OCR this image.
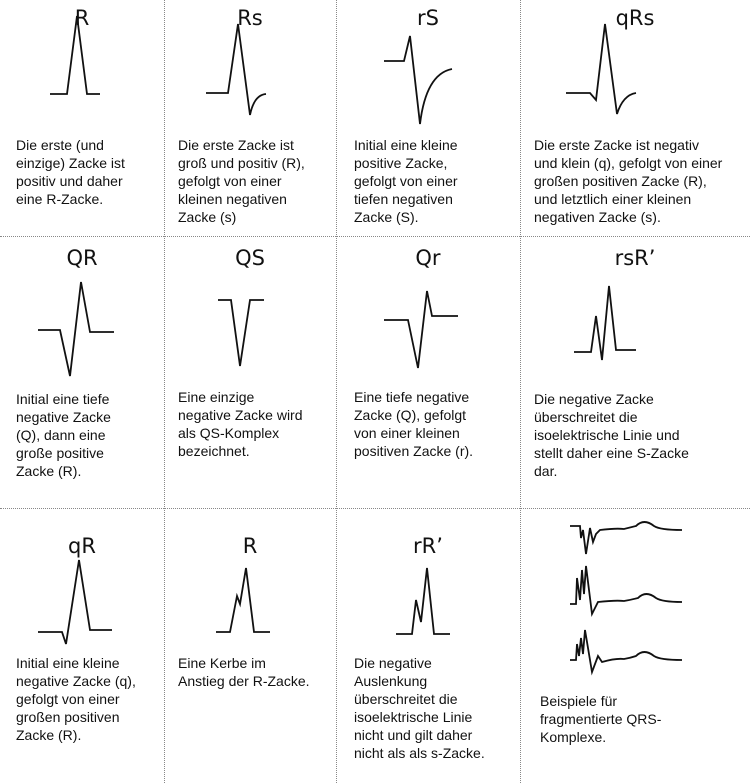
R
Die erste (und
einzige) Zacke ist
positiv und daher
eine R-Zacke.
Rs
Die erste Zacke ist
groß und positiv (R),
gefolgt von einer
kleinen negativen
Zacke (s)
rS
Initial eine kleine
positive Zacke,
gefolgt von einer
tiefen negativen
Zacke (S).
qRs
Die erste Zacke ist negativ
und klein (q), gefolgt von einer
großen positiven Zacke (R),
und letztlich einer kleinen
negativen Zacke (s).
QR
Initial eine tiefe
negative Zacke
(Q), dann eine
große positive
Zacke (R).
QS
Eine einzige
negative Zacke wird
als QS-Komplex
bezeichnet.
Qr
Eine tiefe negative
Zacke (Q), gefolgt
von einer kleinen
positiven Zacke (r).
rsR’
Die negative Zacke
überschreitet die
isoelektrische Linie und
stellt daher eine S-Zacke
dar.
qR
Initial eine kleine
negative Zacke (q),
gefolgt von einer
großen positiven
Zacke (R).
R
Eine Kerbe im
Anstieg der R-Zacke.
rR’
Die negative
Auslenkung
überschreitet die
isoelektrische Linie
nicht und gilt daher
nicht als als s-Zacke.
Beispiele für
fragmentierte QRS-
Komplexe.
